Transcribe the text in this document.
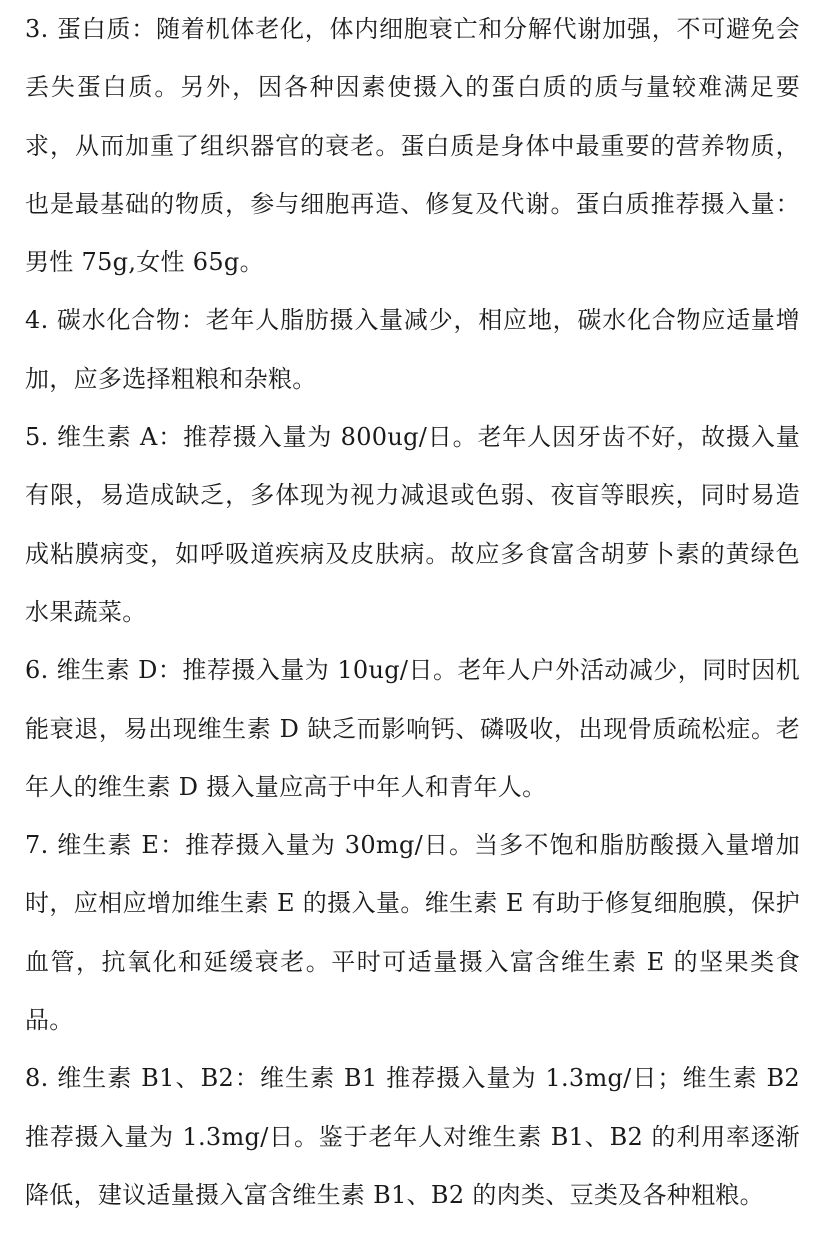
3. 蛋白质：随着机体老化，体内细胞衰亡和分解代谢加强，不可避免会丢失蛋白质。另外，因各种因素使摄入的蛋白质的质与量较难满足要求，从而加重了组织器官的衰老。蛋白质是身体中最重要的营养物质，也是最基础的物质，参与细胞再造、修复及代谢。蛋白质推荐摄入量：男性 75g,女性 65g。

4. 碳水化合物：老年人脂肪摄入量减少，相应地，碳水化合物应适量增加，应多选择粗粮和杂粮。

5. 维生素 A：推荐摄入量为 800ug/日。老年人因牙齿不好，故摄入量有限，易造成缺乏，多体现为视力减退或色弱、夜盲等眼疾，同时易造成粘膜病变，如呼吸道疾病及皮肤病。故应多食富含胡萝卜素的黄绿色水果蔬菜。

6. 维生素 D：推荐摄入量为 10ug/日。老年人户外活动减少，同时因机能衰退，易出现维生素 D 缺乏而影响钙、磷吸收，出现骨质疏松症。老年人的维生素 D 摄入量应高于中年人和青年人。

7. 维生素 E：推荐摄入量为 30mg/日。当多不饱和脂肪酸摄入量增加时，应相应增加维生素 E 的摄入量。维生素 E 有助于修复细胞膜，保护血管，抗氧化和延缓衰老。平时可适量摄入富含维生素 E 的坚果类食品。

8. 维生素 B1、B2：维生素 B1 推荐摄入量为 1.3mg/日；维生素 B2 推荐摄入量为 1.3mg/日。鉴于老年人对维生素 B1、B2 的利用率逐渐降低，建议适量摄入富含维生素 B1、B2 的肉类、豆类及各种粗粮。
